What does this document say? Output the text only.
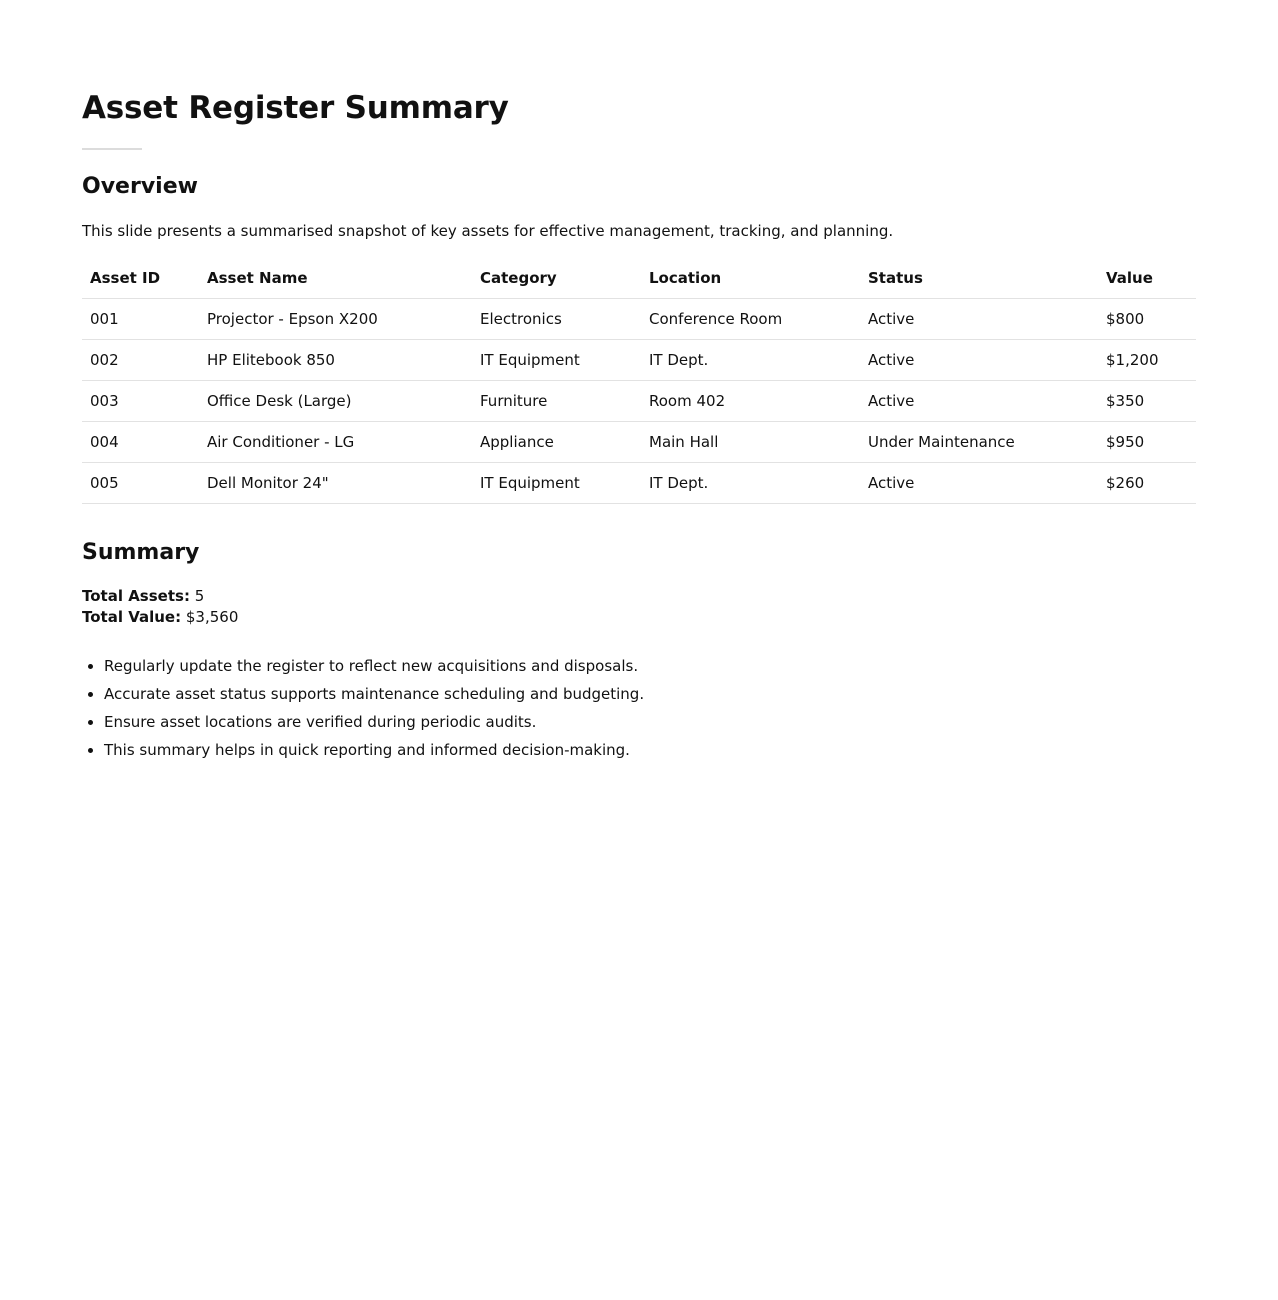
Asset Register Summary
Overview

This slide presents a summarised snapshot of key assets for effective management, tracking, and planning.

Asset ID	Asset Name	Category	Location	Status	Value
001	Projector - Epson X200	Electronics	Conference Room	Active	$800
002	HP Elitebook 850	IT Equipment	IT Dept.	Active	$1,200
003	Office Desk (Large)	Furniture	Room 402	Active	$350
004	Air Conditioner - LG	Appliance	Main Hall	Under Maintenance	$950
005	Dell Monitor 24"	IT Equipment	IT Dept.	Active	$260
Summary
Total Assets: 5
Total Value: $3,560
• Regularly update the register to reflect new acquisitions and disposals.
• Accurate asset status supports maintenance scheduling and budgeting.
• Ensure asset locations are verified during periodic audits.
• This summary helps in quick reporting and informed decision-making.
